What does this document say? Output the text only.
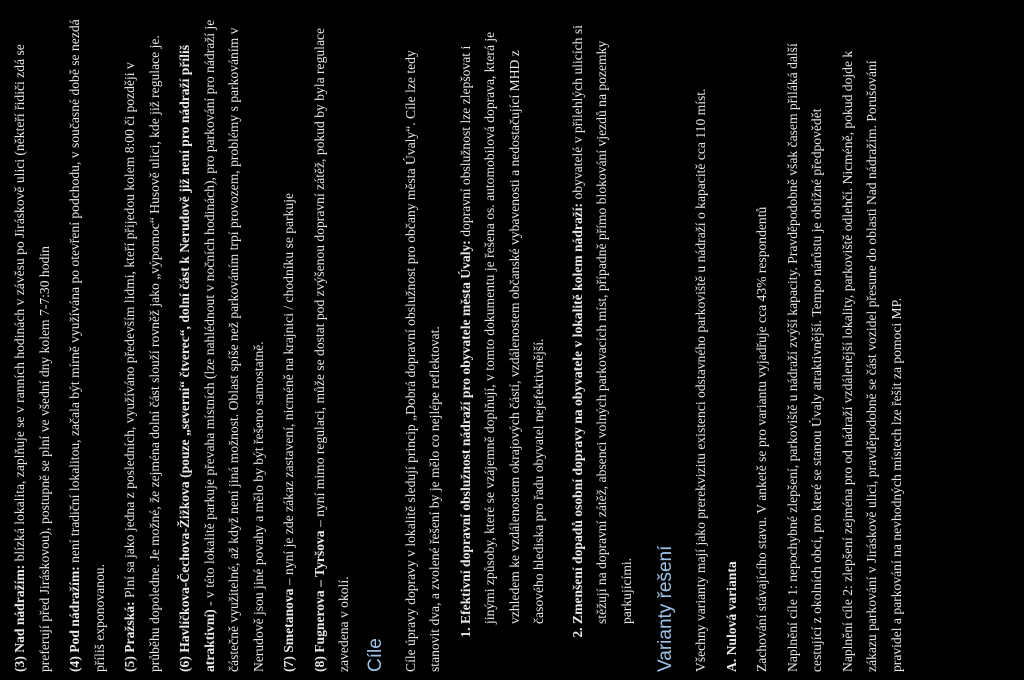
(3) Nad nádražím: blízká lokalita, zaplňuje se v ranních hodinách v závěsu po Jiráskově ulici (někteří řidiči zdá se preferují před Jiráskovou), postupně se plní ve všední dny kolem 7-7:30 hodin	(4) Pod nádražím: není tradiční lokalitou, začala být mírně využívána po otevření podchodu, v současné době se nezdá příliš exponovanou.	(5) Pražská: Plní sa jako jedna z posledních, využíváno především lidmi, kteří přijedou kolem 8:00 či později v průběhu dopoledne. Je možné, že zejména dolní část slouží rovněž jako „výpomoc“ Husově ulici, kde již regulace je.	(6) Havlíčkova-Čechova-Žižkova (pouze „severní“ čtverec“, dolní část k Nerudově již není pro nádraží příliš atraktivní) - v této lokalitě parkuje převaha místních (lze nahlédnout v nočních hodinách), pro parkování pro nádraží je částečně využitelné, až když není jiná možnost. Oblast spíše než parkováním trpí provozem, problémy s parkováním v Nerudově jsou jiné povahy a mělo by být řešeno samostatně.	(7) Smetanova – nyní je zde zákaz zastavení, nicméně na krajnici / chodníku se parkuje

(8) Fugnerova – Tyršova – nyní mimo regulaci, může se dostat pod zvýšenou dopravní zátěž, pokud by byla regulace zavedena v okolí. Cíle Cíle úpravy dopravy v lokalitě sledují princip „Dobrá dopravní obslužnost pro občany města Úvaly“. Cíle lze tedy stanovit dva, a zvolené řešení by je mělo co nejlépe reflektovat.	1. Efektivní dopravní obslužnost nádraží pro obyvatele města Úvaly: dopravní obslužnost lze zlepšovat i jinými způsoby, které se vzájemně doplňují, v tomto dokumentu je řešena os. automobilová doprava, která je vzhledem ke vzdálenostem okrajových částí, vzdálenostem občanské vybavenosti a nedostačující MHD z časového hlediska pro řadu obyvatel nejefektivnější.	2. Zmenšení dopadů osobní dopravy na obyvatele v lokalitě kolem nádraží: obyvatelé v přilehlých ulicích si stěžují na dopravní zátěž, absenci volných parkovacích míst, případně přímo blokování vjezdů na pozemky parkujícími. Varianty řešení Všechny varianty mají jako prerekvizitu existenci odstavného parkoviště u nádraží o kapacitě cca 110 míst.	A. Nulová varianta	Zachování stávajícího stavu. V anketě se pro variantu vyjadřuje cca 43% respondentů	Naplnění cíle 1: nepochybné zlepšení, parkoviště u nádraží zvýší kapacity. Pravděpodobně však časem přiláká další cestující z okolních obcí, pro které se stanou Úvaly atraktivnější. Tempo nárůstu je obtížné předpovědět	Naplnění cíle 2: zlepšení zejména pro od nádraží vzdálenější lokality, parkoviště odlehčí. Nicméně, pokud dojde k zákazu parkování v Jiráskově ulici, pravděpodobně se část vozidel přesune do oblasti Nad nádražím. Porušování pravidel a parkování na nevhodných místech lze řešit za pomoci MP.
